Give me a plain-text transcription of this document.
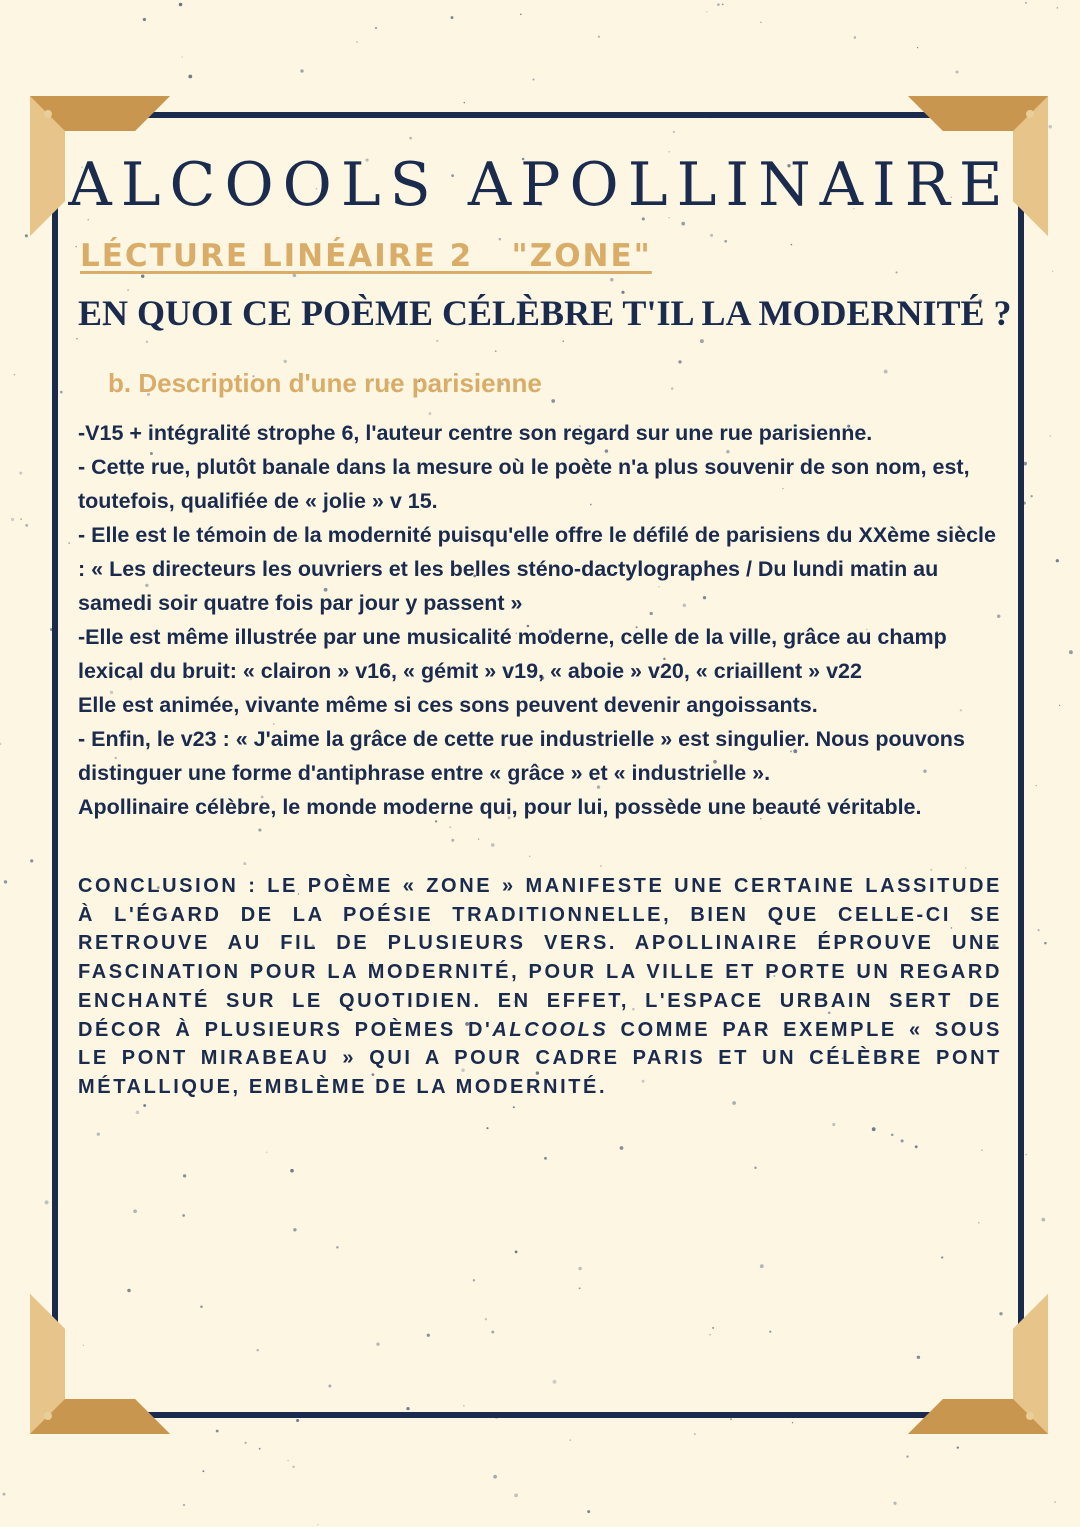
ALCOOLS APOLLINAIRE
LÉCTURE LINÉAIRE 2   "ZONE"
EN QUOI CE POÈME CÉLÈBRE T'IL LA MODERNITÉ ?
b. Description d'une rue parisienne

-V15 + intégralité strophe 6, l'auteur centre son regard sur une rue parisienne.

- Cette rue, plutôt banale dans la mesure où le poète n'a plus souvenir de son nom, est, toutefois, qualifiée de « jolie » v 15.

- Elle est le témoin de la modernité puisqu'elle offre le défilé de parisiens du XXème siècle : « Les directeurs les ouvriers et les belles sténo-dactylographes / Du lundi matin au samedi soir quatre fois par jour y passent »

-Elle est même illustrée par une musicalité moderne, celle de la ville, grâce au champ lexical du bruit: « clairon » v16, « gémit » v19, « aboie » v20, « criaillent » v22

Elle est animée, vivante même si ces sons peuvent devenir angoissants.

- Enfin, le v23 : « J'aime la grâce de cette rue industrielle » est singulier. Nous pouvons distinguer une forme d'antiphrase entre « grâce » et « industrielle ».

Apollinaire célèbre, le monde moderne qui, pour lui, possède une beauté véritable.

CONCLUSION : LE POÈME « ZONE » MANIFESTE UNE CERTAINE LASSITUDE À L'ÉGARD DE LA POÉSIE TRADITIONNELLE, BIEN QUE CELLE-CI SE RETROUVE AU FIL DE PLUSIEURS VERS. APOLLINAIRE ÉPROUVE UNE FASCINATION POUR LA MODERNITÉ, POUR LA VILLE ET PORTE UN REGARD ENCHANTÉ SUR LE QUOTIDIEN. EN EFFET, L'ESPACE URBAIN SERT DE DÉCOR À PLUSIEURS POÈMES D'ALCOOLS COMME PAR EXEMPLE « SOUS LE PONT MIRABEAU » QUI A POUR CADRE PARIS ET UN CÉLÈBRE PONT MÉTALLIQUE, EMBLÈME DE LA MODERNITÉ.
